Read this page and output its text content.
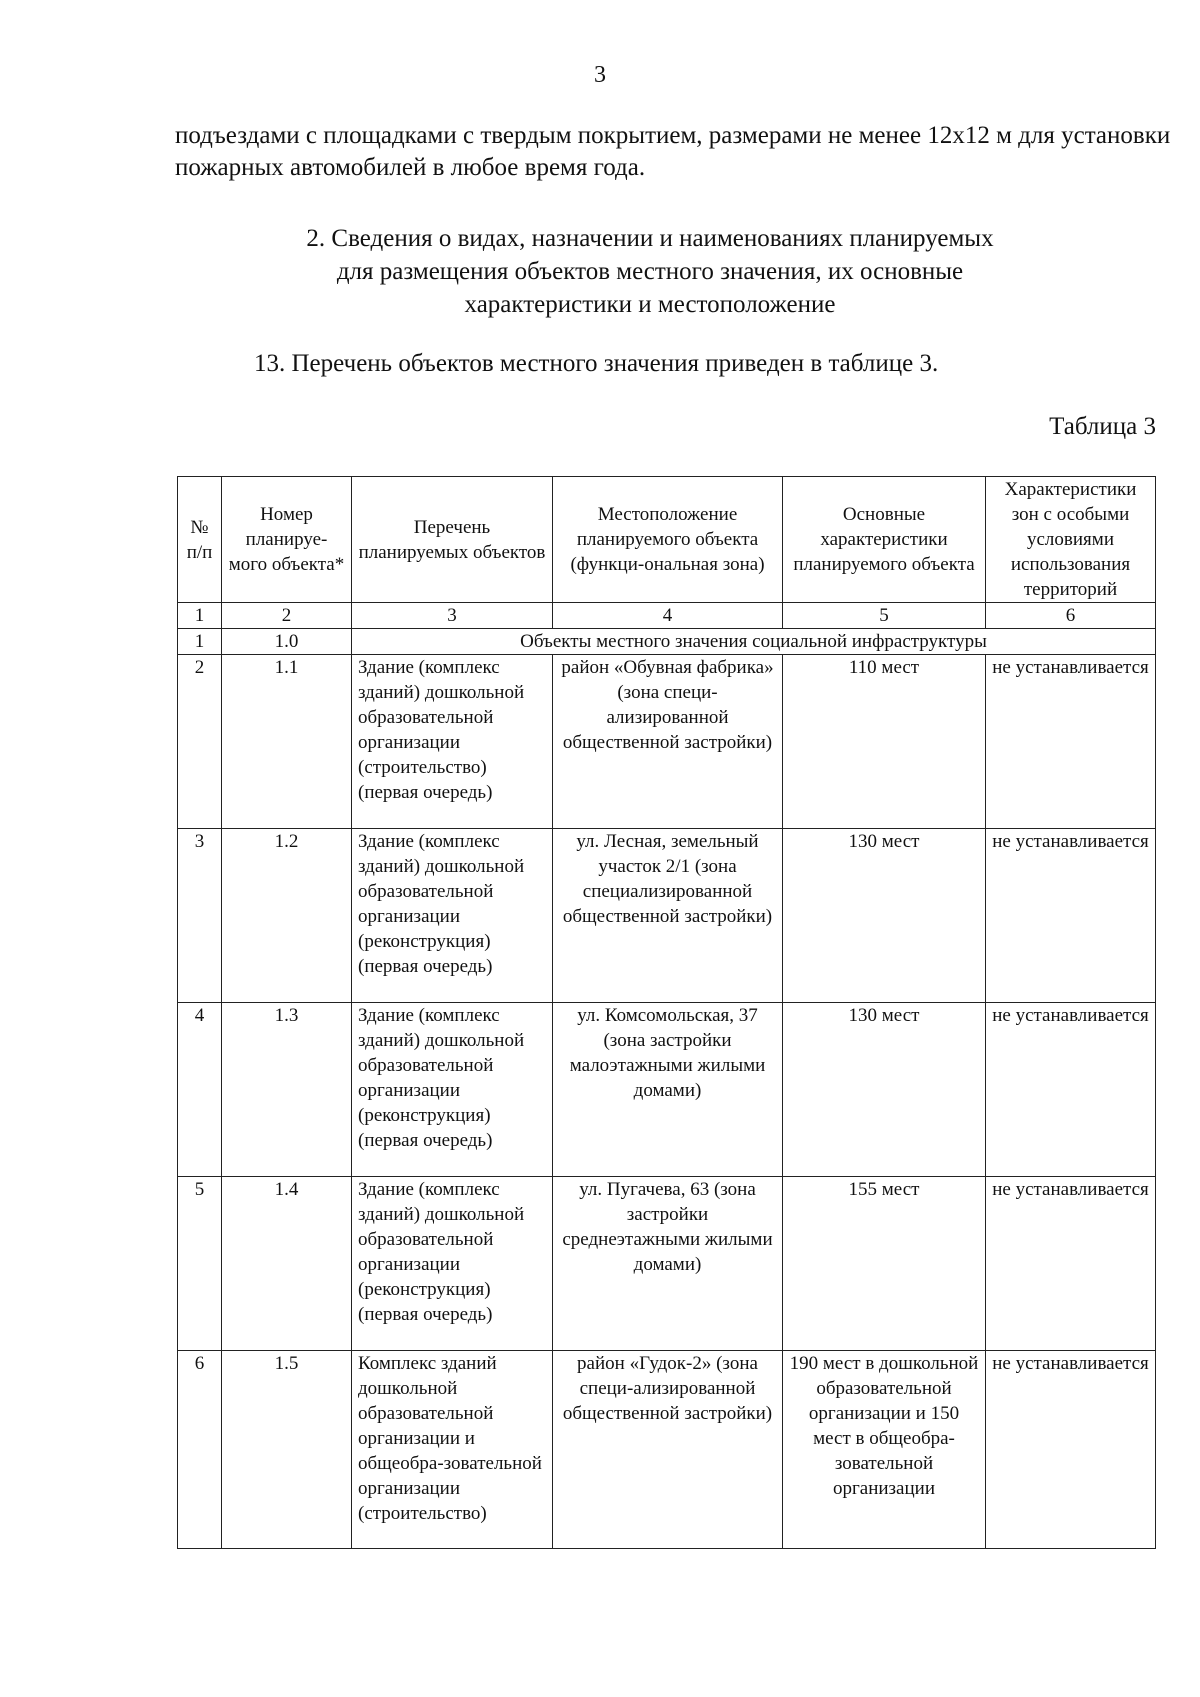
3

подъездами с площадками с твердым покрытием, размерами не менее 12х12 м для установки пожарных автомобилей в любое время года.

2. Сведения о видах, назначении и наименованиях планируемых
для размещения объектов местного значения, их основные
характеристики и местоположение

13. Перечень объектов местного значения приведен в таблице 3.

Таблица 3
№ п/п	Номер планируе-мого объекта*	Перечень планируемых объектов	Местоположение планируемого объекта (функци-ональная зона)	Основные характеристики планируемого объекта	Характеристики зон с особыми условиями использования территорий
1	2	3	4	5	6
1	1.0	Объекты местного значения социальной инфраструктуры			
2	1.1	Здание (комплекс зданий) дошкольной образовательной организации (строительство) (первая очередь)	район «Обувная фабрика» (зона специ-ализированной общественной застройки)	110 мест	не устанавливается
3	1.2	Здание (комплекс зданий) дошкольной образовательной организации (реконструкция) (первая очередь)	ул. Лесная, земельный участок 2/1 (зона специализированной общественной застройки)	130 мест	не устанавливается
4	1.3	Здание (комплекс зданий) дошкольной образовательной организации (реконструкция) (первая очередь)	ул. Комсомольская, 37 (зона застройки малоэтажными жилыми домами)	130 мест	не устанавливается
5	1.4	Здание (комплекс зданий) дошкольной образовательной организации (реконструкция) (первая очередь)	ул. Пугачева, 63 (зона застройки среднеэтажными жилыми домами)	155 мест	не устанавливается
6	1.5	Комплекс зданий дошкольной образовательной организации и общеобра-зовательной организации (строительство)	район «Гудок-2» (зона специ-ализированной общественной застройки)	190 мест в дошкольной образовательной организации и 150 мест в общеобра-зовательной организации	не устанавливается
